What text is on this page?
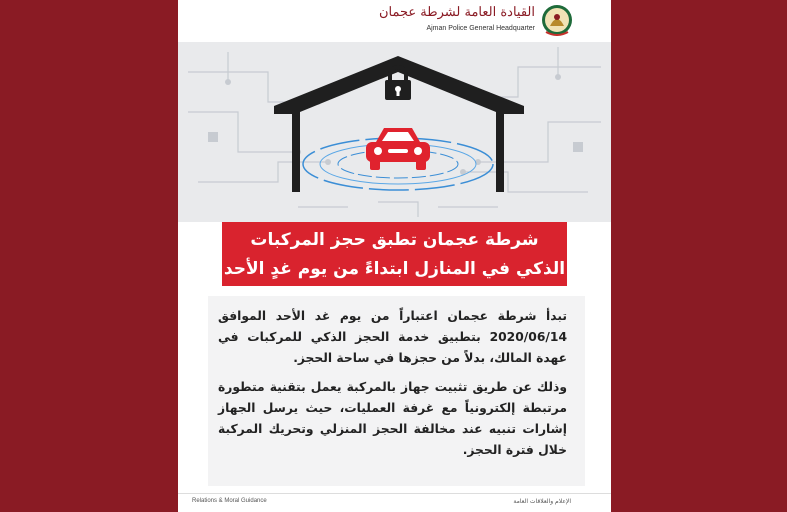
القيادة العامة لشرطة عجمان
Ajman Police General Headquarter
شرطة عجمان تطبق حجز المركبات
الذكي في المنازل ابتداءً من يوم غدٍ الأحد

تبدأ شرطة عجمان اعتباراً من يوم غد الأحد الموافق 2020/06/14 بتطبيق خدمة الحجز الذكي للمركبات في عهدة المالك، بدلاً من حجزها في ساحة الحجز.

وذلك عن طريق تثبيت جهاز بالمركبة يعمل بتقنية متطورة مرتبطة إلكترونياً مع غرفة العمليات، حيث يرسل الجهاز إشارات تنبيه عند مخالفة الحجز المنزلي وتحريك المركبة خلال فترة الحجز.

Relations & Moral Guidance	الإعلام والعلاقات العامة
